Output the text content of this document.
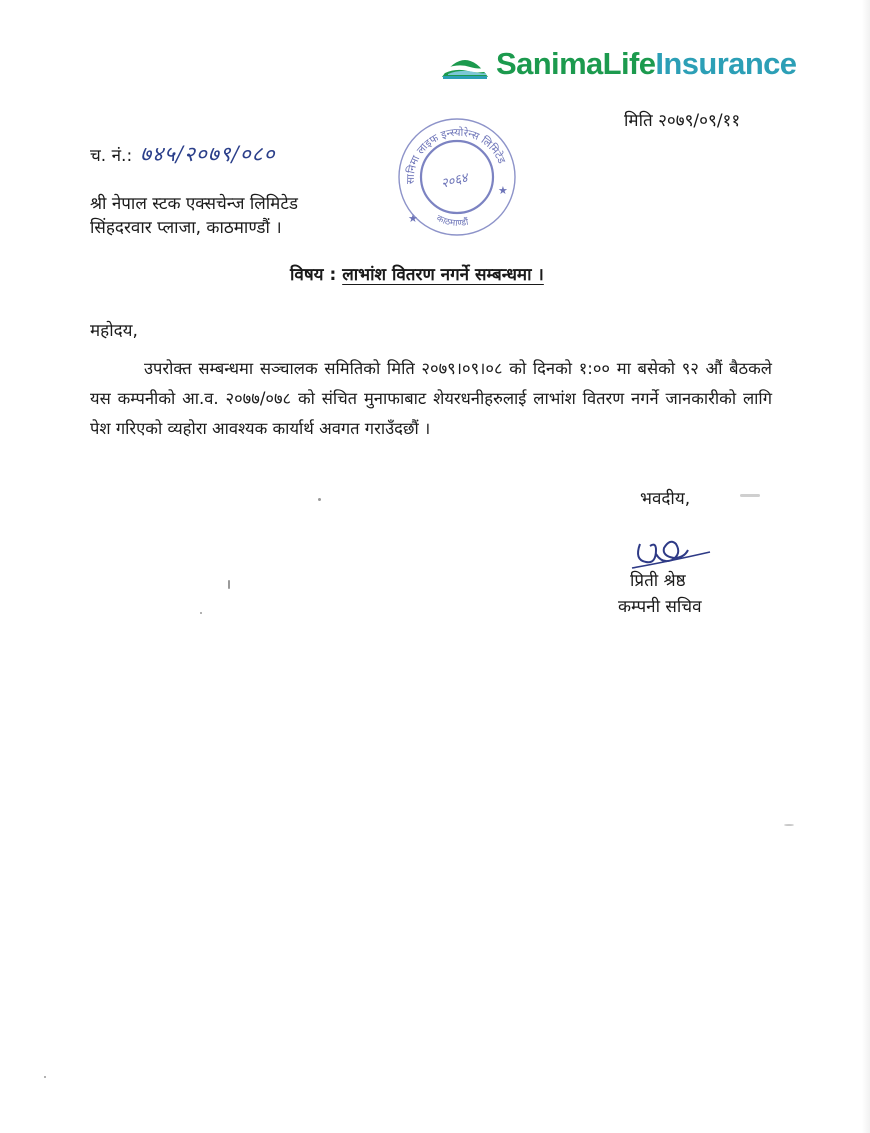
SanimaLifeInsurance
मिति २०७९/०९/११
च. नं.: ७४५/२०७९/०८०
सानिमा लाइफ इन्स्योरेन्स लिमिटेड
काठमाण्डौं
★
★
२०६४
श्री नेपाल स्टक एक्सचेन्ज लिमिटेड
सिंहदरवार प्लाजा, काठमाण्डौं ।
विषय : लाभांश वितरण नगर्ने सम्बन्धमा ।
महोदय,

उपरोक्त सम्बन्धमा सञ्चालक समितिको मिति २०७९।०९।०८ को दिनको १:०० मा बसेको ९२ औं बैठकले यस कम्पनीको आ.व. २०७७/०७८ को संचित मुनाफाबाट शेयरधनीहरुलाई लाभांश वितरण नगर्ने जानकारीको लागि पेश गरिएको व्यहोरा आवश्यक कार्यार्थ अवगत गराउँदछौं ।

भवदीय,
प्रिती श्रेष्ठ
कम्पनी सचिव
